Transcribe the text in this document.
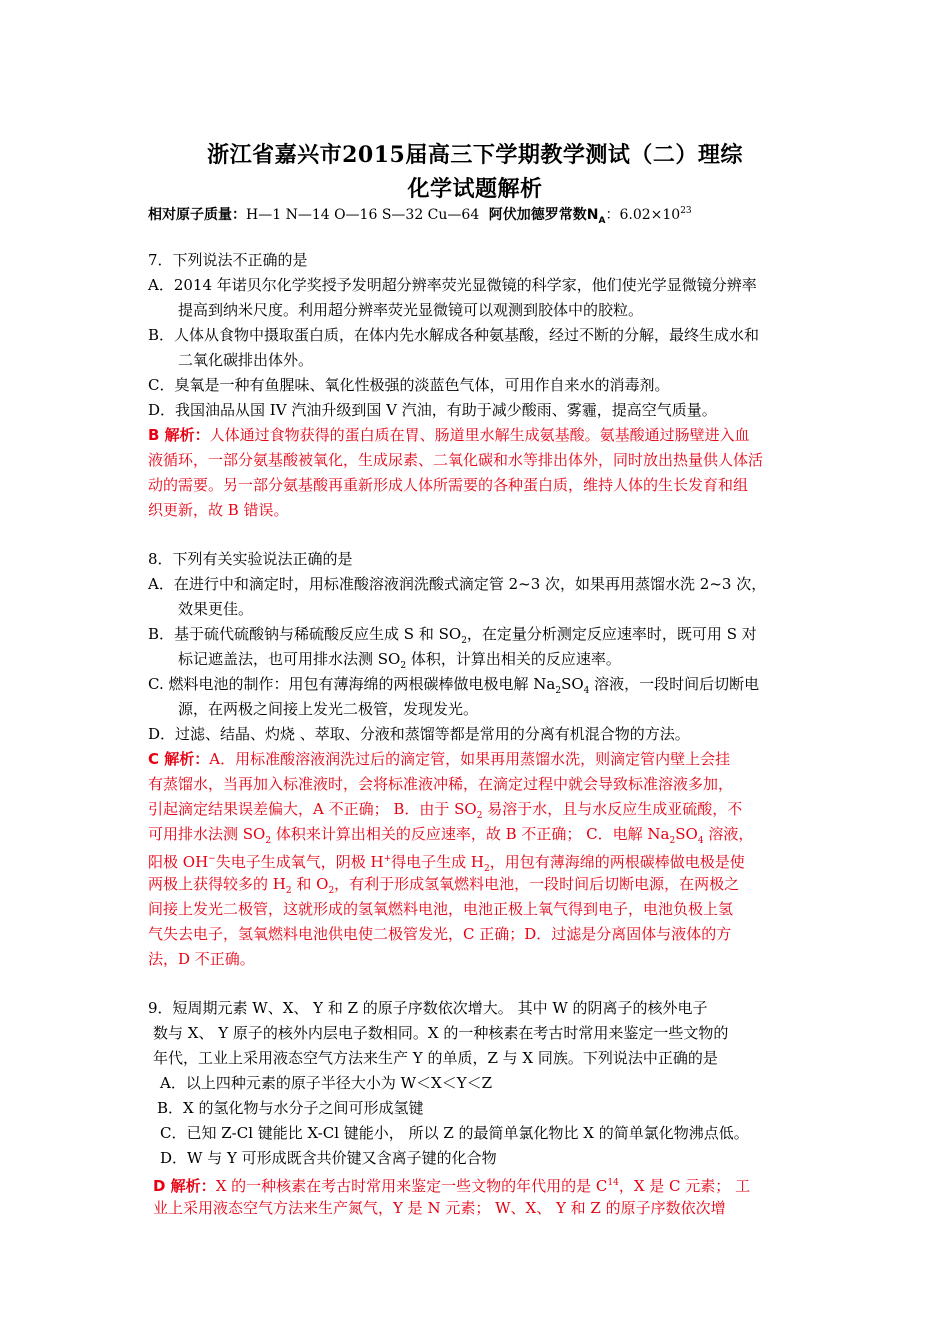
浙江省嘉兴市2015届高三下学期教学测试（二）理综
化学试题解析
相对原子质量：H—1 N—14 O—16 S—32 Cu—64 阿伏加德罗常数$N_A$：$6.02\times 10^{23}$
7．下列说法不正确的是
A．2014 年诺贝尔化学奖授予发明超分辨率荧光显微镜的科学家，他们使光学显微镜分辨率
提高到纳米尺度。利用超分辨率荧光显微镜可以观测到胶体中的胶粒。
B．人体从食物中摄取蛋白质，在体内先水解成各种氨基酸，经过不断的分解，最终生成水和
二氧化碳排出体外。
C．臭氧是一种有鱼腥味、氧化性极强的淡蓝色气体，可用作自来水的消毒剂。
D．我国油品从国 IV 汽油升级到国 V 汽油，有助于减少酸雨、雾霾，提高空气质量。
B 解析：人体通过食物获得的蛋白质在胃、肠道里水解生成氨基酸。氨基酸通过肠壁进入血
液循环，一部分氨基酸被氧化，生成尿素、二氧化碳和水等排出体外，同时放出热量供人体活
动的需要。另一部分氨基酸再重新形成人体所需要的各种蛋白质，维持人体的生长发育和组
织更新，故 B 错误。
8．下列有关实验说法正确的是
A．在进行中和滴定时，用标准酸溶液润洗酸式滴定管 2~3 次，如果再用蒸馏水洗 2~3 次，
效果更佳。
B．基于硫代硫酸钠与稀硫酸反应生成 S 和 $SO_2$，在定量分析测定反应速率时，既可用 S 对
标记遮盖法，也可用排水法测 $SO_2$ 体积，计算出相关的反应速率。
C. 燃料电池的制作：用包有薄海绵的两根碳棒做电极电解 $Na_2SO_4$ 溶液，一段时间后切断电
源，在两极之间接上发光二极管，发现发光。
D．过滤、结晶、灼烧 、萃取、分液和蒸馏等都是常用的分离有机混合物的方法。
C 解析：A．用标准酸溶液润洗过后的滴定管，如果再用蒸馏水洗，则滴定管内壁上会挂
有蒸馏水，当再加入标准液时，会将标准液冲稀，在滴定过程中就会导致标准溶液多加，
引起滴定结果误差偏大，A 不正确； B．由于 $SO_2$ 易溶于水，且与水反应生成亚硫酸，不
可用排水法测 $SO_2$ 体积来计算出相关的反应速率，故 B 不正确； C．电解 $Na_2SO_4$ 溶液，
阳极 OH−失电子生成氧气，阴极 H+得电子生成 $H_2$，用包有薄海绵的两根碳棒做电极是使
两极上获得较多的 $H_2$ 和 $O_2$，有利于形成氢氧燃料电池，一段时间后切断电源，在两极之
间接上发光二极管，这就形成的氢氧燃料电池，电池正极上氧气得到电子，电池负极上氢
气失去电子，氢氧燃料电池供电使二极管发光，C 正确；D．过滤是分离固体与液体的方
法，D 不正确。
9．短周期元素 W、X、 Y 和 Z 的原子序数依次增大。 其中 W 的阴离子的核外电子
数与 X、 Y 原子的核外内层电子数相同。X 的一种核素在考古时常用来鉴定一些文物的
年代，工业上采用液态空气方法来生产 Y 的单质，Z 与 X 同族。下列说法中正确的是
A．以上四种元素的原子半径大小为 W＜X＜Y＜Z
B．X 的氢化物与水分子之间可形成氢键
C．已知 Z-Cl 键能比 X-Cl 键能小， 所以 Z 的最简单氯化物比 X 的简单氯化物沸点低。
D．W 与 Y 可形成既含共价键又含离子键的化合物
D 解析：X 的一种核素在考古时常用来鉴定一些文物的年代用的是 $C^{14}$，X 是 C 元素； 工
业上采用液态空气方法来生产氮气，Y 是 N 元素； W、X、 Y 和 Z 的原子序数依次增
